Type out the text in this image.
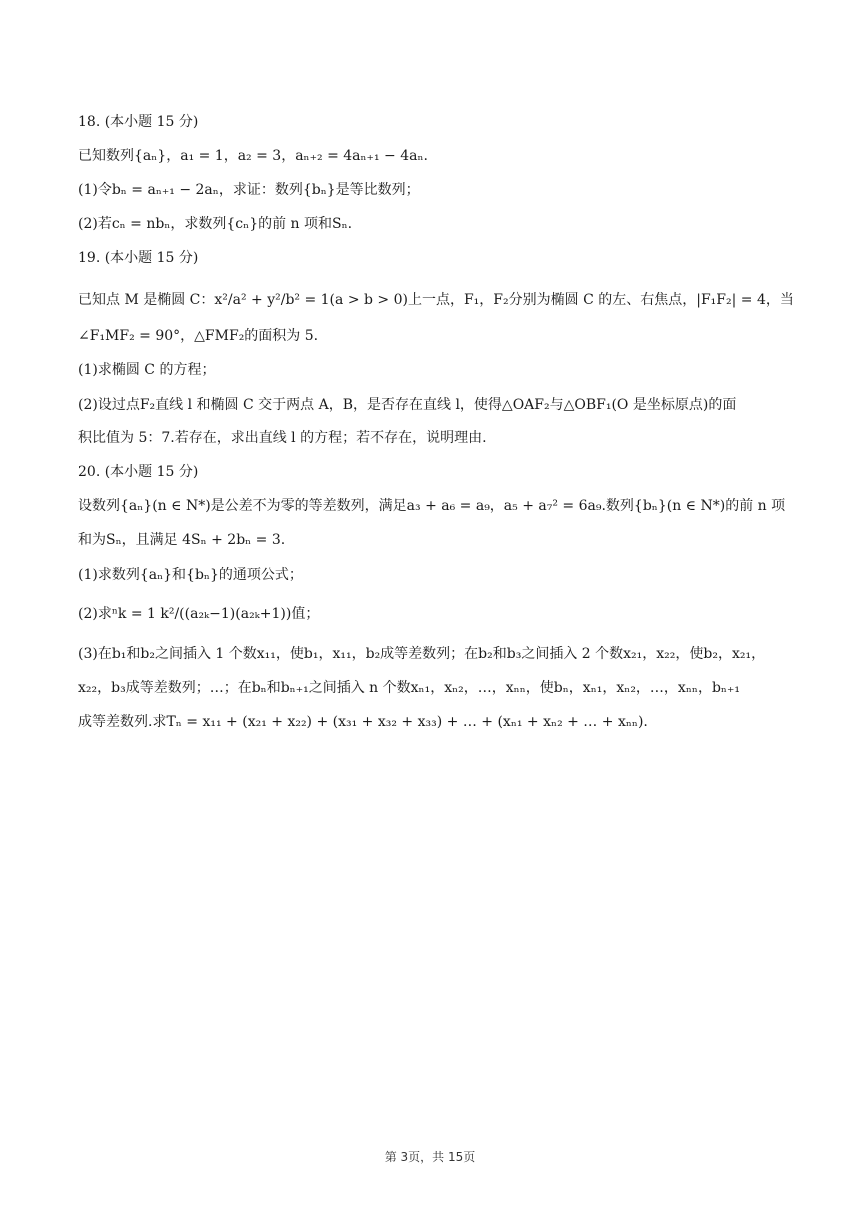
18. (本小题 15 分)
已知数列{aₙ}，a₁ = 1，a₂ = 3，aₙ₊₂ = 4aₙ₊₁ − 4aₙ.
(1)令bₙ = aₙ₊₁ − 2aₙ，求证：数列{bₙ}是等比数列；
(2)若cₙ = nbₙ，求数列{cₙ}的前 n 项和Sₙ.
19. (本小题 15 分)
已知点 M 是椭圆 C：x²/a² + y²/b² = 1(a > b > 0)上一点，F₁，F₂分别为椭圆 C 的左、右焦点，|F₁F₂| = 4，当
∠F₁MF₂ = 90°，△FMF₂的面积为 5.
(1)求椭圆 C 的方程；
(2)设过点F₂直线 l 和椭圆 C 交于两点 A，B，是否存在直线 l，使得△OAF₂与△OBF₁(O 是坐标原点)的面
积比值为 5：7.若存在，求出直线 l 的方程；若不存在，说明理由.
20. (本小题 15 分)
设数列{aₙ}(n ∈ N*)是公差不为零的等差数列，满足a₃ + a₆ = a₉，a₅ + a₇² = 6a₉.数列{bₙ}(n ∈ N*)的前 n 项
和为Sₙ，且满足 4Sₙ + 2bₙ = 3.
(1)求数列{aₙ}和{bₙ}的通项公式；
(2)求ⁿk = 1 k²/((a₂ₖ−1)(a₂ₖ+1))值；
(3)在b₁和b₂之间插入 1 个数x₁₁，使b₁，x₁₁，b₂成等差数列；在b₂和b₃之间插入 2 个数x₂₁，x₂₂，使b₂，x₂₁，
x₂₂，b₃成等差数列；…；在bₙ和bₙ₊₁之间插入 n 个数xₙ₁，xₙ₂，…，xₙₙ，使bₙ，xₙ₁，xₙ₂，…，xₙₙ，bₙ₊₁
成等差数列.求Tₙ = x₁₁ + (x₂₁ + x₂₂) + (x₃₁ + x₃₂ + x₃₃) + … + (xₙ₁ + xₙ₂ + … + xₙₙ).
第 3页，共 15页
